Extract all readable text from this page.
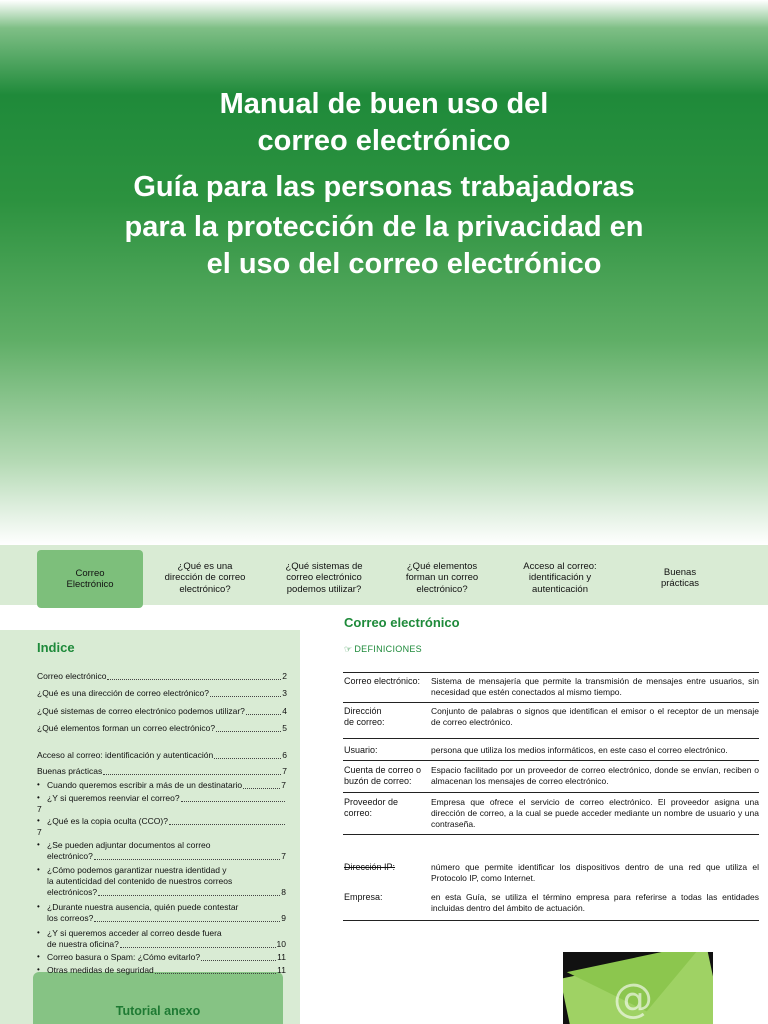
Manual de buen uso del
correo electrónico
Guía para las personas trabajadoras
para la protección de la privacidad en
el uso del correo electrónico
Correo
Electrónico
¿Qué es una
dirección de correo
electrónico?
¿Qué sistemas de
correo electrónico
podemos utilizar?
¿Qué elementos
forman un correo
electrónico?
Acceso al correo:
identificación y
autenticación
Buenas
prácticas
Indice
Correo electrónico	2
¿Qué es una dirección de correo electrónico?	3
¿Qué sistemas de correo electrónico podemos utilizar?	4
¿Qué elementos forman un correo electrónico?	5
Acceso al correo: identificación y autenticación	6
Buenas prácticas	7
• Cuando queremos escribir a más de un destinatario	7
• ¿Y si queremos reenviar el correo?
7
• ¿Qué es la copia oculta (CCO)?
7
• ¿Se pueden adjuntar documentos al correo
electrónico?	7
• ¿Cómo podemos garantizar nuestra identidad y
la autenticidad del contenido de nuestros correos
electrónicos?	8
• ¿Durante nuestra ausencia, quién puede contestar
los correos?	9
• ¿Y si queremos acceder al correo desde fuera
de nuestra oficina?	10
• Correo basura o Spam: ¿Cómo evitarlo?	11
• Otras medidas de seguridad	11
Tutorial anexo
Correo electrónico
☞ DEFINICIONES
Correo electrónico:	Sistema de mensajería que permite la transmisión de mensajes entre usuarios, sin necesidad que estén conectados al mismo tiempo.
Dirección de correo:
Conjunto de palabras o signos que identifican el emisor o el receptor de un mensaje de correo electrónico.
Usuario:	persona que utiliza los medios informáticos, en este caso el correo electrónico.
Cuenta de correo o buzón de correo:
Espacio facilitado por un proveedor de correo electrónico, donde se envían, reciben o almacenan los mensajes de correo electrónico.
Proveedor de correo:
Empresa que ofrece el servicio de correo electrónico. El proveedor asigna una dirección de correo, a la cual se puede acceder mediante un nombre de usuario y una contraseña.
Dirección IP:	número que permite identificar los dispositivos dentro de una red que utiliza el Protocolo IP, como Internet.
Empresa:	en esta Guía, se utiliza el término empresa para referirse a todas las entidades incluidas dentro del ámbito de actuación.
@
